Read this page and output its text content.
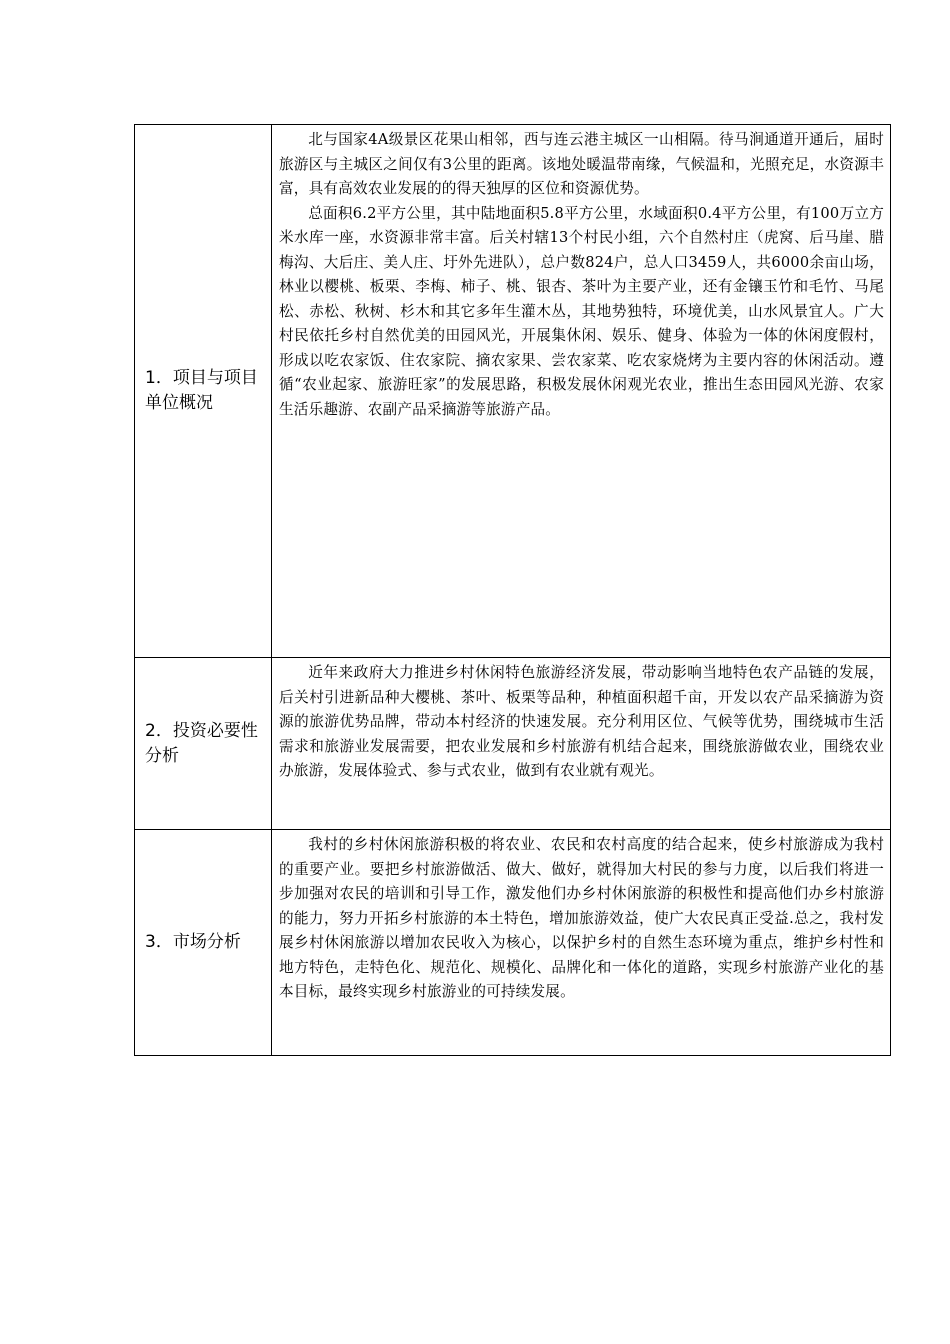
1．项目与项目单位概况	北与国家4A级景区花果山相邻，西与连云港主城区一山相隔。待马涧通道开通后，届时旅游区与主城区之间仅有3公里的距离。该地处暖温带南缘，气候温和，光照充足，水资源丰富，具有高效农业发展的的得天独厚的区位和资源优势。

总面积6.2平方公里，其中陆地面积5.8平方公里，水域面积0.4平方公里，有100万立方米水库一座，水资源非常丰富。后关村辖13个村民小组，六个自然村庄（虎窝、后马崖、腊梅沟、大后庄、美人庄、圩外先进队），总户数824户，总人口3459人，共6000余亩山场，林业以樱桃、板栗、李梅、柿子、桃、银杏、茶叶为主要产业，还有金镶玉竹和毛竹、马尾松、赤松、秋树、杉木和其它多年生灌木丛，其地势独特，环境优美，山水风景宜人。广大村民依托乡村自然优美的田园风光，开展集休闲、娱乐、健身、体验为一体的休闲度假村，形成以吃农家饭、住农家院、摘农家果、尝农家菜、吃农家烧烤为主要内容的休闲活动。遵循“农业起家、旅游旺家”的发展思路，积极发展休闲观光农业，推出生态田园风光游、农家生活乐趣游、农副产品采摘游等旅游产品。

2．投资必要性分析	近年来政府大力推进乡村休闲特色旅游经济发展，带动影响当地特色农产品链的发展，后关村引进新品种大樱桃、茶叶、板栗等品种，种植面积超千亩，开发以农产品采摘游为资源的旅游优势品牌，带动本村经济的快速发展。充分利用区位、气候等优势，围绕城市生活需求和旅游业发展需要，把农业发展和乡村旅游有机结合起来，围绕旅游做农业，围绕农业办旅游，发展体验式、参与式农业，做到有农业就有观光。

3．市场分析	我村的乡村休闲旅游积极的将农业、农民和农村高度的结合起来，使乡村旅游成为我村的重要产业。要把乡村旅游做活、做大、做好，就得加大村民的参与力度，以后我们将进一步加强对农民的培训和引导工作，激发他们办乡村休闲旅游的积极性和提高他们办乡村旅游的能力，努力开拓乡村旅游的本土特色，增加旅游效益，使广大农民真正受益.总之，我村发展乡村休闲旅游以增加农民收入为核心，以保护乡村的自然生态环境为重点，维护乡村性和地方特色，走特色化、规范化、规模化、品牌化和一体化的道路，实现乡村旅游产业化的基本目标，最终实现乡村旅游业的可持续发展。
